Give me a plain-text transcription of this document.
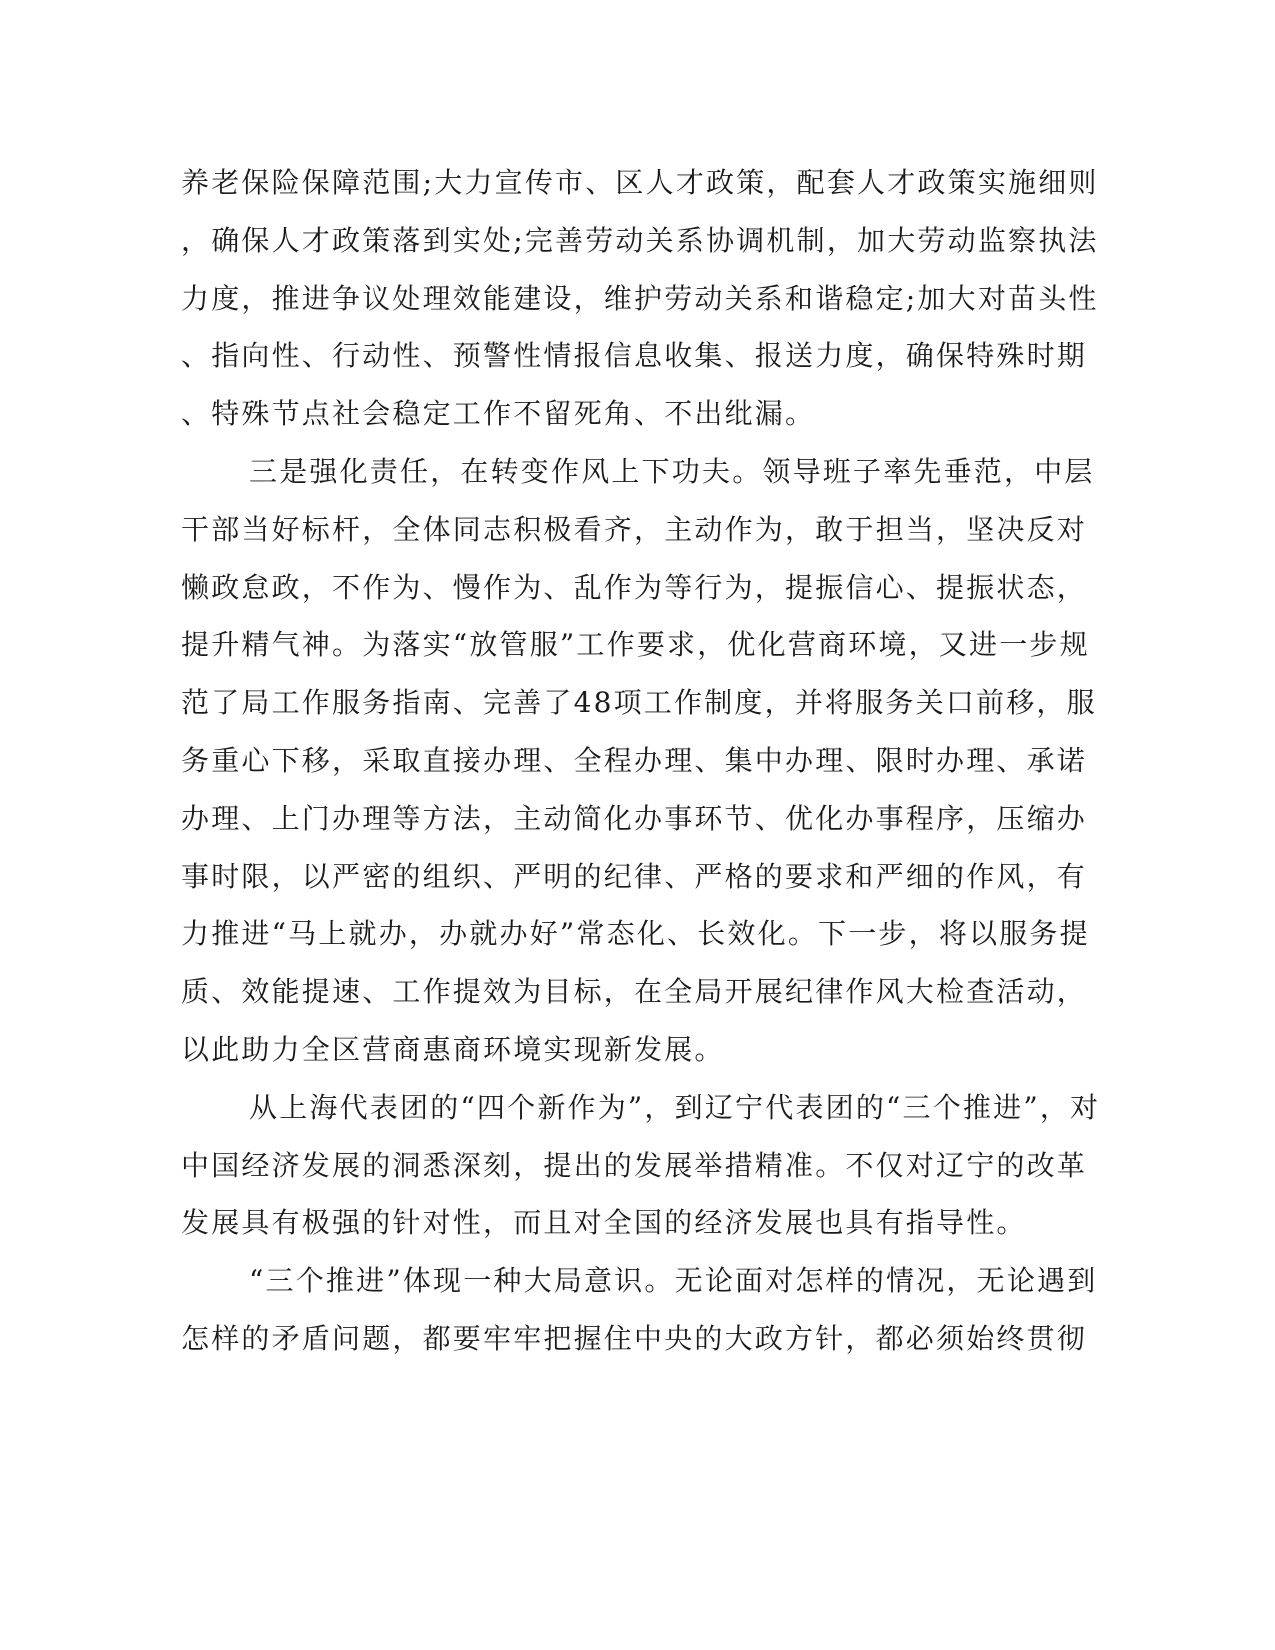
养老保险保障范围;大力宣传市、区人才政策，配套人才政策实施细则
，确保人才政策落到实处;完善劳动关系协调机制，加大劳动监察执法
力度，推进争议处理效能建设，维护劳动关系和谐稳定;加大对苗头性
、指向性、行动性、预警性情报信息收集、报送力度，确保特殊时期
、特殊节点社会稳定工作不留死角、不出纰漏。
三是强化责任，在转变作风上下功夫。领导班子率先垂范，中层
干部当好标杆，全体同志积极看齐，主动作为，敢于担当，坚决反对
懒政怠政，不作为、慢作为、乱作为等行为，提振信心、提振状态，
提升精气神。为落实“放管服”工作要求，优化营商环境，又进一步规
范了局工作服务指南、完善了48项工作制度，并将服务关口前移，服
务重心下移，采取直接办理、全程办理、集中办理、限时办理、承诺
办理、上门办理等方法，主动简化办事环节、优化办事程序，压缩办
事时限，以严密的组织、严明的纪律、严格的要求和严细的作风，有
力推进“马上就办，办就办好”常态化、长效化。下一步，将以服务提
质、效能提速、工作提效为目标，在全局开展纪律作风大检查活动，
以此助力全区营商惠商环境实现新发展。
从上海代表团的“四个新作为”，到辽宁代表团的“三个推进”，对
中国经济发展的洞悉深刻，提出的发展举措精准。不仅对辽宁的改革
发展具有极强的针对性，而且对全国的经济发展也具有指导性。
“三个推进”体现一种大局意识。无论面对怎样的情况，无论遇到
怎样的矛盾问题，都要牢牢把握住中央的大政方针，都必须始终贯彻
